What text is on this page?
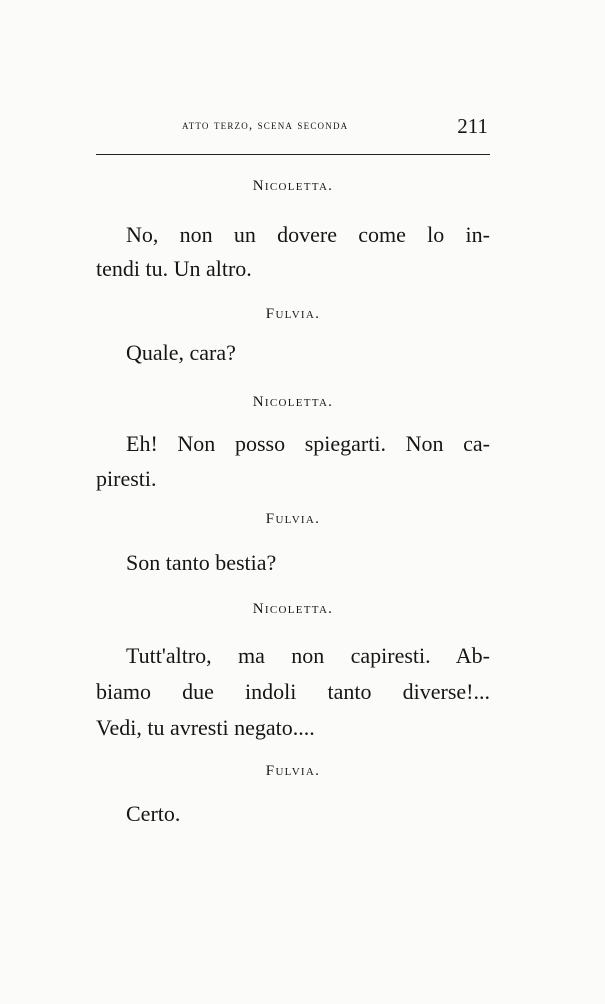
atto terzo, scena seconda	211
Nicoletta.
No, non un dovere come lo in-
tendi tu. Un altro.
Fulvia.
Quale, cara?
Nicoletta.
Eh! Non posso spiegarti. Non ca-
piresti.
Fulvia.
Son tanto bestia?
Nicoletta.
Tutt'altro, ma non capiresti. Ab-
biamo due indoli tanto diverse!...
Vedi, tu avresti negato....
Fulvia.
Certo.
